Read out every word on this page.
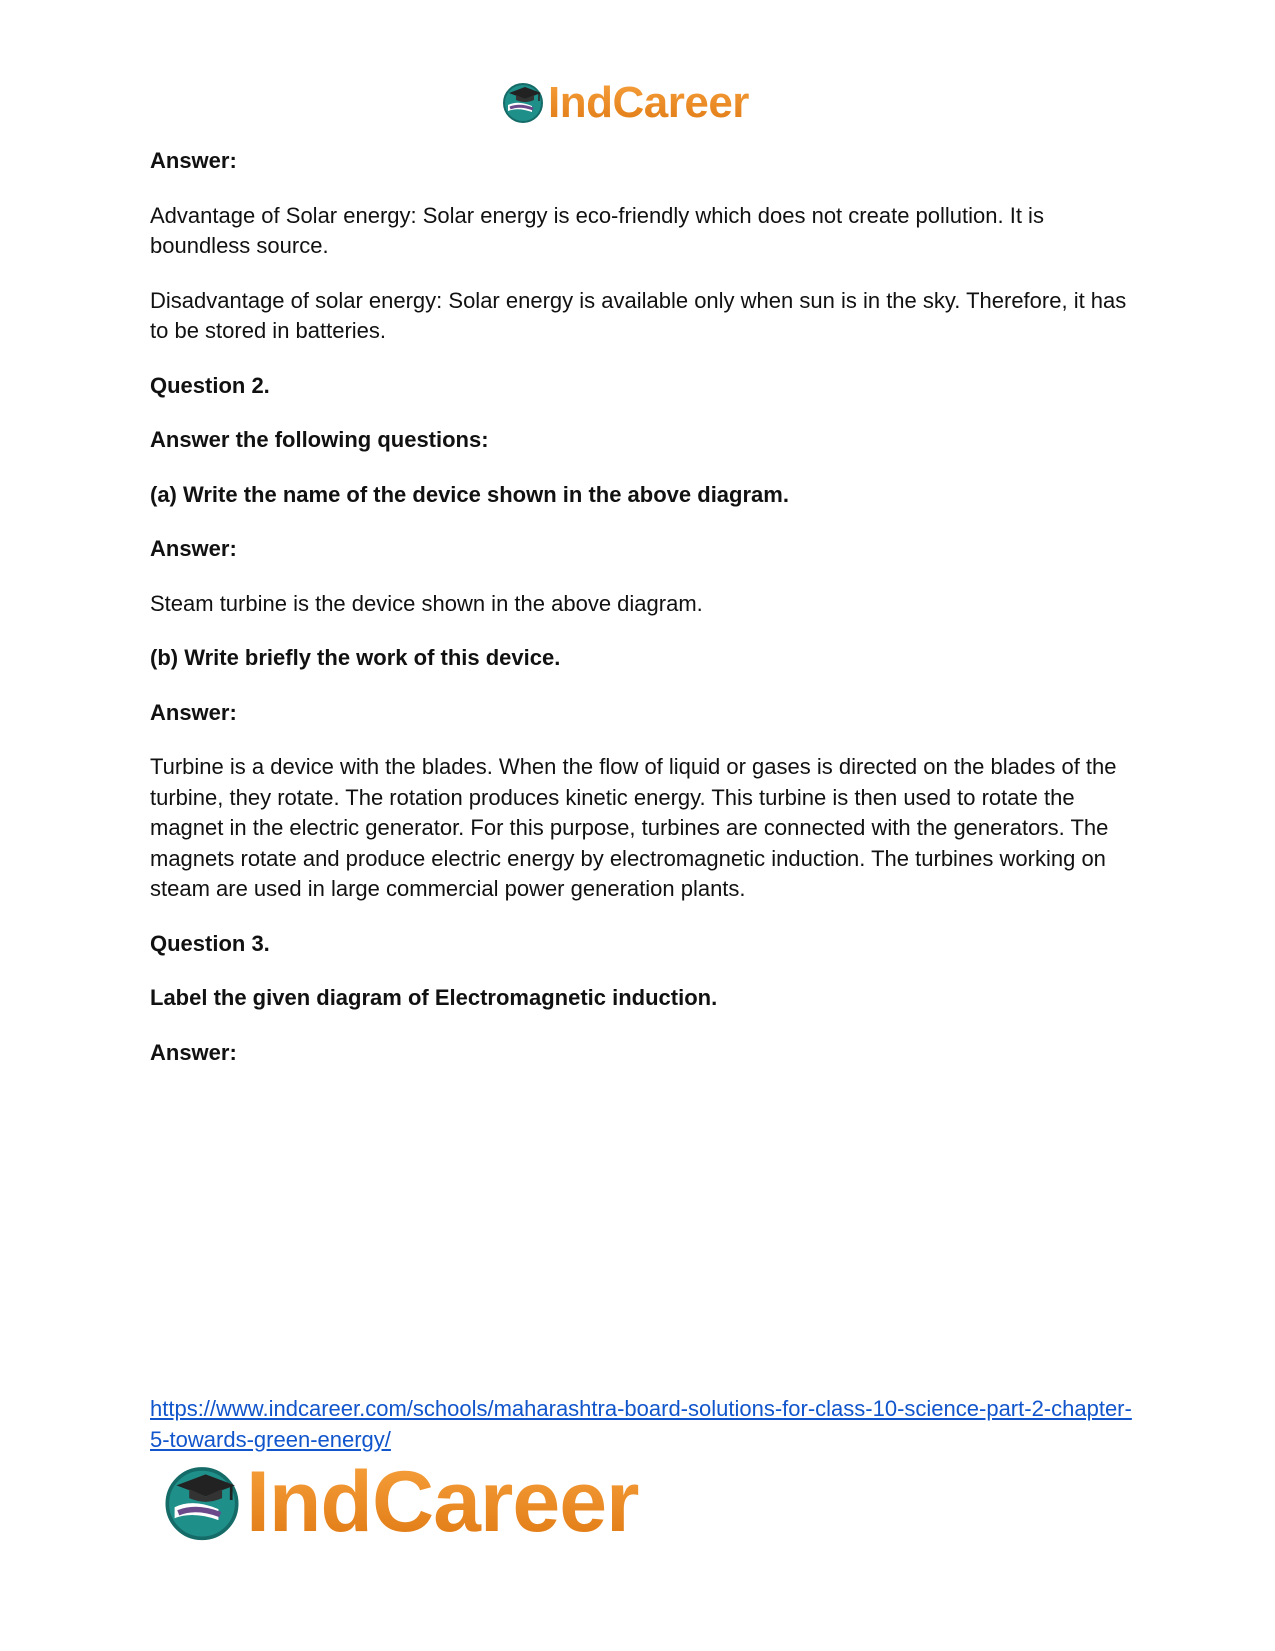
IndCareer

Answer:

Advantage of Solar energy: Solar energy is eco-friendly which does not create pollution. It is boundless source.

Disadvantage of solar energy: Solar energy is available only when sun is in the sky. Therefore, it has to be stored in batteries.

Question 2.

Answer the following questions:

(a) Write the name of the device shown in the above diagram.

Answer:

Steam turbine is the device shown in the above diagram.

(b) Write briefly the work of this device.

Answer:

Turbine is a device with the blades. When the flow of liquid or gases is directed on the blades of the turbine, they rotate. The rotation produces kinetic energy. This turbine is then used to rotate the magnet in the electric generator. For this purpose, turbines are connected with the generators. The magnets rotate and produce electric energy by electromagnetic induction. The turbines working on steam are used in large commercial power generation plants.

Question 3.

Label the given diagram of Electromagnetic induction.

Answer:

https://www.indcareer.com/schools/maharashtra-board-solutions-for-class-10-science-part-2-chapter-5-towards-green-energy/
IndCareer
